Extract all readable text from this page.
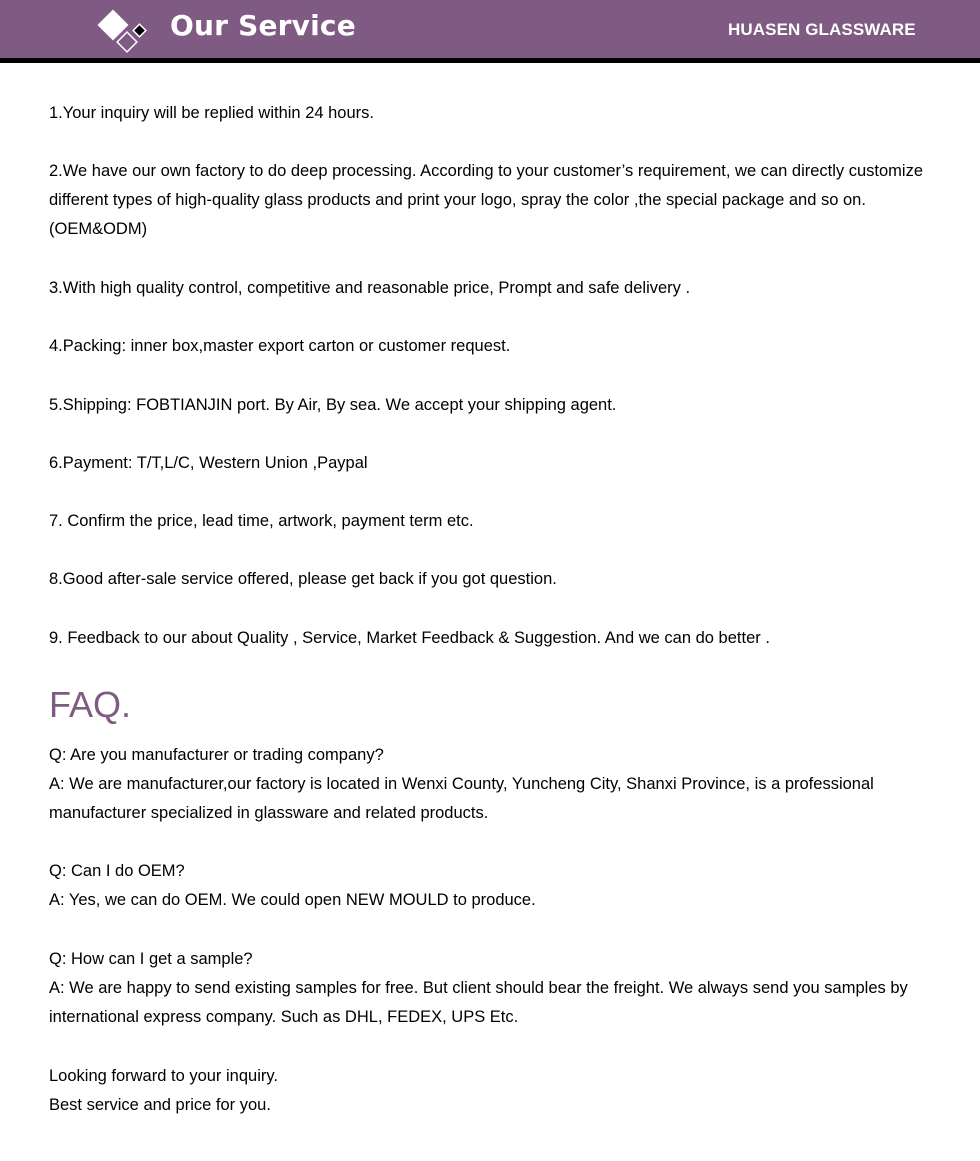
Our Service	HUASEN GLASSWARE
1.Your inquiry will be replied within 24 hours.
2.We have our own factory to do deep processing. According to your customer’s requirement, we can directly customize different types of high-quality glass products and print your logo, spray the color ,the special package and so on. (OEM&ODM)
3.With high quality control, competitive and reasonable price, Prompt and safe delivery .
4.Packing: inner box,master export carton or customer request.
5.Shipping: FOBTIANJIN port. By Air, By sea. We accept your shipping agent.
6.Payment: T/T,L/C, Western Union ,Paypal
7. Confirm the price, lead time, artwork, payment term etc.
8.Good after-sale service offered, please get back if you got question.
9. Feedback to our about Quality , Service, Market Feedback & Suggestion. And we can do better .
FAQ.
Q: Are you manufacturer or trading company?
A: We are manufacturer,our factory is located in Wenxi County, Yuncheng City, Shanxi Province, is a professional manufacturer specialized in glassware and related products.
Q: Can I do OEM?
A: Yes, we can do OEM. We could open NEW MOULD to produce.
Q: How can I get a sample?
A: We are happy to send existing samples for free. But client should bear the freight. We always send you samples by international express company. Such as DHL, FEDEX, UPS Etc.
Looking forward to your inquiry.
Best service and price for you.
